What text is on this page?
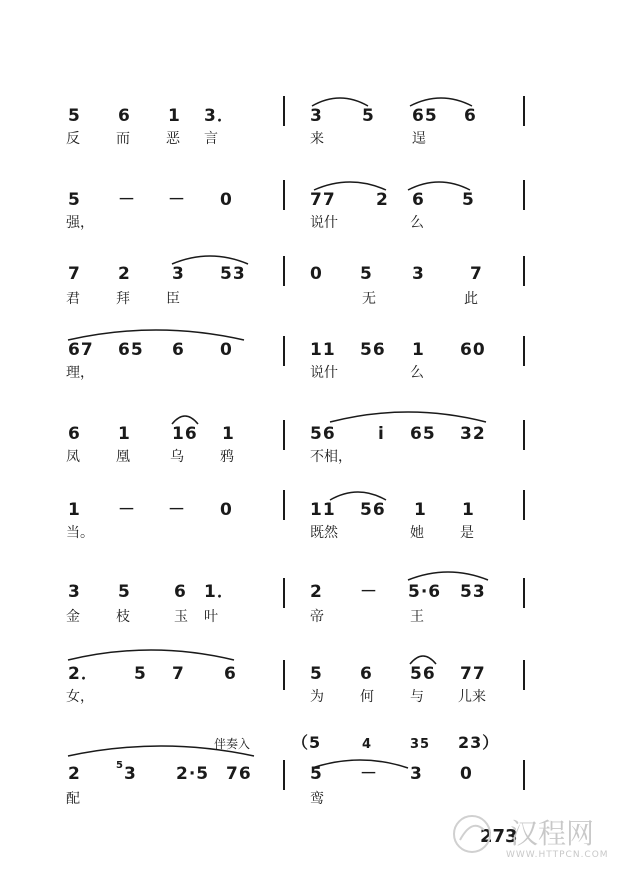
5 6 1 3．
反	而	恶 言
3 5 65 6
来	逞
5 － － 0
强，
77 2 6 5
说什	么
7 2 3 53
君	拜	臣
0 5 3	7
无	此
67 65 6 0
理，
11 56 1 60
说什	么
6 1 16 1
凤	凰	乌	鸦
56 i 65 32
不相，
1 － － 0
当。
11 56 1 1
既然	她	是
3 5	6 1．
金	枝	玉 叶
2 － 5·6 53
帝	王
2． 5 7 6
女，
5 6 56 77
为	何	与 儿来
2	5 3 2·5 76
配
5 － 3 0
鸾
伴奏入	（5	4	35 23）
273
汉程网
WWW.HTTPCN.COM
